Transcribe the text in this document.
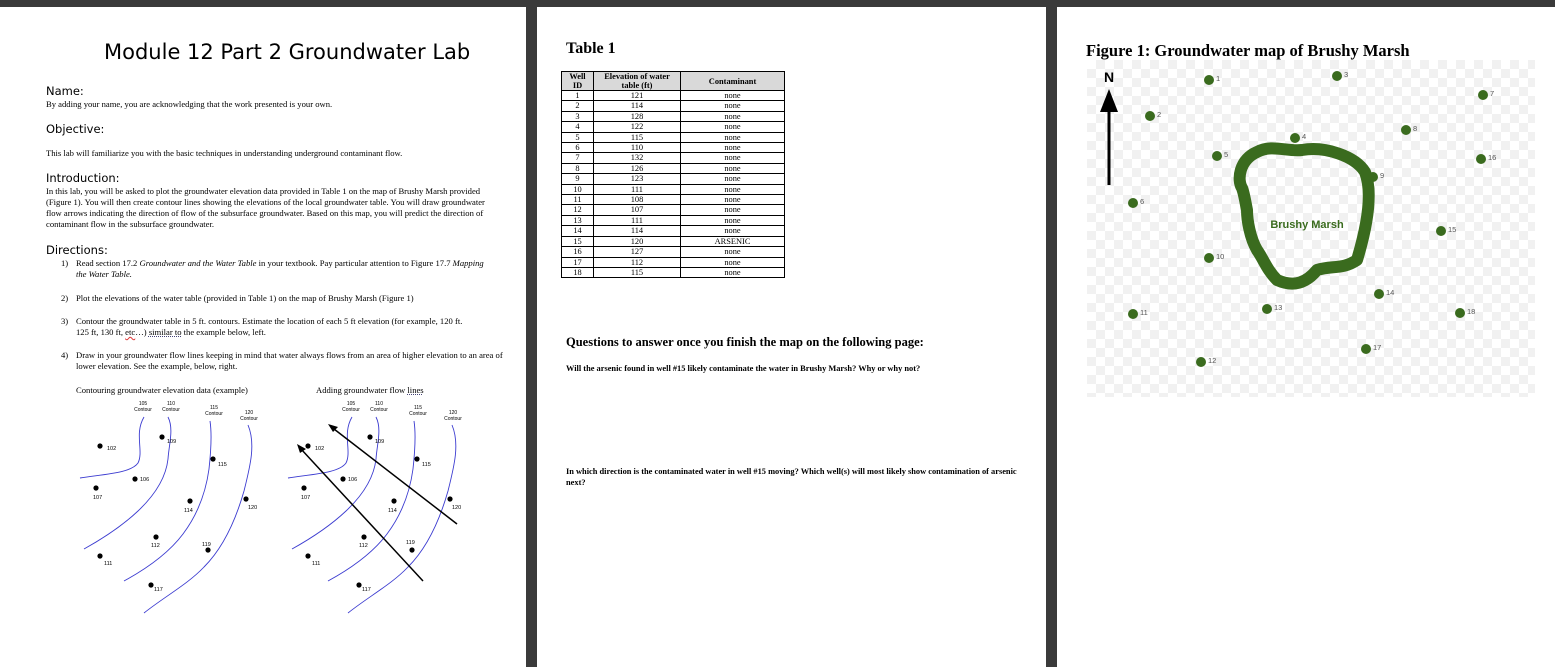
Module 12 Part 2 Groundwater Lab
Name:
By adding your name, you are acknowledging that the work presented is your own.
Objective:
This lab will familiarize you with the basic techniques in understanding underground contaminant flow.
Introduction:
In this lab, you will be asked to plot the groundwater elevation data provided in Table 1 on the map of Brushy Marsh provided (Figure 1). You will then create contour lines showing the elevations of the local groundwater table. You will draw groundwater flow arrows indicating the direction of flow of the subsurface groundwater. Based on this map, you will predict the direction of contaminant flow in the subsurface groundwater.
Directions:
1) Read section 17.2 Groundwater and the Water Table in your textbook. Pay particular attention to Figure 17.7 Mapping the Water Table.
2) Plot the elevations of the water table (provided in Table 1) on the map of Brushy Marsh (Figure 1)
3) Contour the groundwater table in 5 ft. contours. Estimate the location of each 5 ft elevation (for example, 120 ft. 125 ft, 130 ft, etc…) similar to the example below, left.
4) Draw in your groundwater flow lines keeping in mind that water always flows from an area of higher elevation to an area of lower elevation. See the example, below, right.
Contouring groundwater elevation data (example)	Adding groundwater flow lines
105
Contour
110
Contour	115
Contour	120
Contour
102
109
115
106
107
114	120
112	119
111
117
105
Contour
110
Contour	115
Contour	120
Contour
102
109
115
106
107
114	120
112	119
111
117
Table 1
Well ID	Elevation of water table (ft)	Contaminant
1	121	none
2	114	none
3	128	none
4	122	none
5	115	none
6	110	none
7	132	none
8	126	none
9	123	none
10	111	none
11	108	none
12	107	none
13	111	none
14	114	none
15	120	ARSENIC
16	127	none
17	112	none
18	115	none
Questions to answer once you finish the map on the following page:
Will the arsenic found in well #15 likely contaminate the water in Brushy Marsh? Why or why not?
In which direction is the contaminated water in well #15 moving? Which well(s) will most likely show contamination of arsenic next?
Figure 1: Groundwater map of Brushy Marsh
N
Brushy Marsh
1
2
3
4
5
6
7
8
9
10
11
12
13
14
15
16
17
18
